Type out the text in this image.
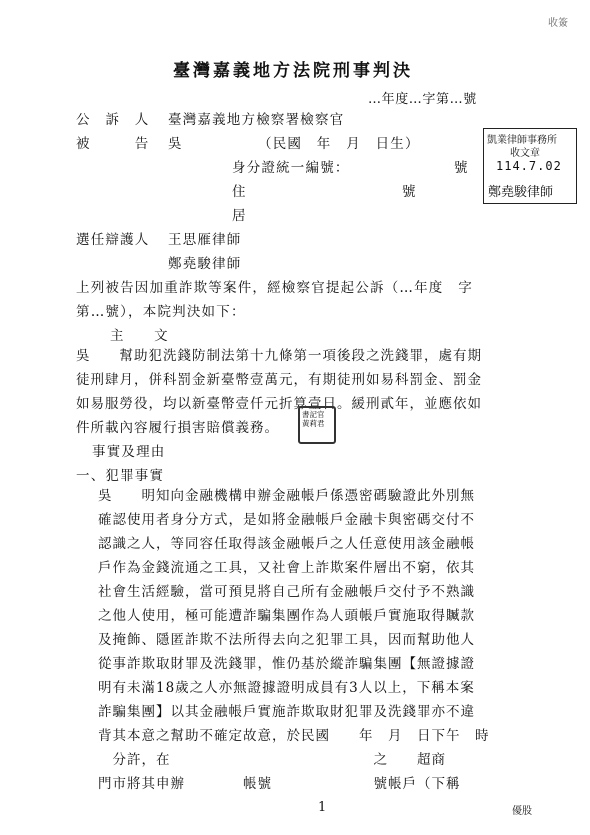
收簽
臺灣嘉義地方法院刑事判決
…年度…字第…號
公　訴　人 臺灣嘉義地方檢察署檢察官
被　　　告 吳	（民國　年　月　日生）
身分證統一編號：	號
住	號
居
凱業律師事務所
收文章
114.7.02
鄭堯駿律師
選任辯護人 王思雁律師
鄭堯駿律師
上列被告因加重詐欺等案件，經檢察官提起公訴（…年度　字
第…號），本院判決如下：
主　　文
吳　　幫助犯洗錢防制法第十九條第一項後段之洗錢罪，處有期
徒刑肆月，併科罰金新臺幣壹萬元，有期徒刑如易科罰金、罰金
如易服勞役，均以新臺幣壹仟元折算壹日。緩刑貳年，並應依如
件所載內容履行損害賠償義務。
書記官 黃莉君
事實及理由
一、犯罪事實
吳　　明知向金融機構申辦金融帳戶係憑密碼驗證此外別無
確認使用者身分方式，是如將金融帳戶金融卡與密碼交付不
認識之人，等同容任取得該金融帳戶之人任意使用該金融帳
戶作為金錢流通之工具，又社會上詐欺案件層出不窮，依其
社會生活經驗，當可預見將自己所有金融帳戶交付予不熟識
之他人使用，極可能遭詐騙集團作為人頭帳戶實施取得贓款
及掩飾、隱匿詐欺不法所得去向之犯罪工具，因而幫助他人
從事詐欺取財罪及洗錢罪，惟仍基於縱詐騙集團【無證據證
明有未滿18歲之人亦無證據證明成員有3人以上，下稱本案
詐騙集團】以其金融帳戶實施詐欺取財犯罪及洗錢罪亦不違
背其本意之幫助不確定故意，於民國　　年　月　日下午　時
　分許，在　　　　　　　　　　　　　　之　　超商
門市將其申辦　　　　帳號　　　　　　　號帳戶（下稱
1	優股
